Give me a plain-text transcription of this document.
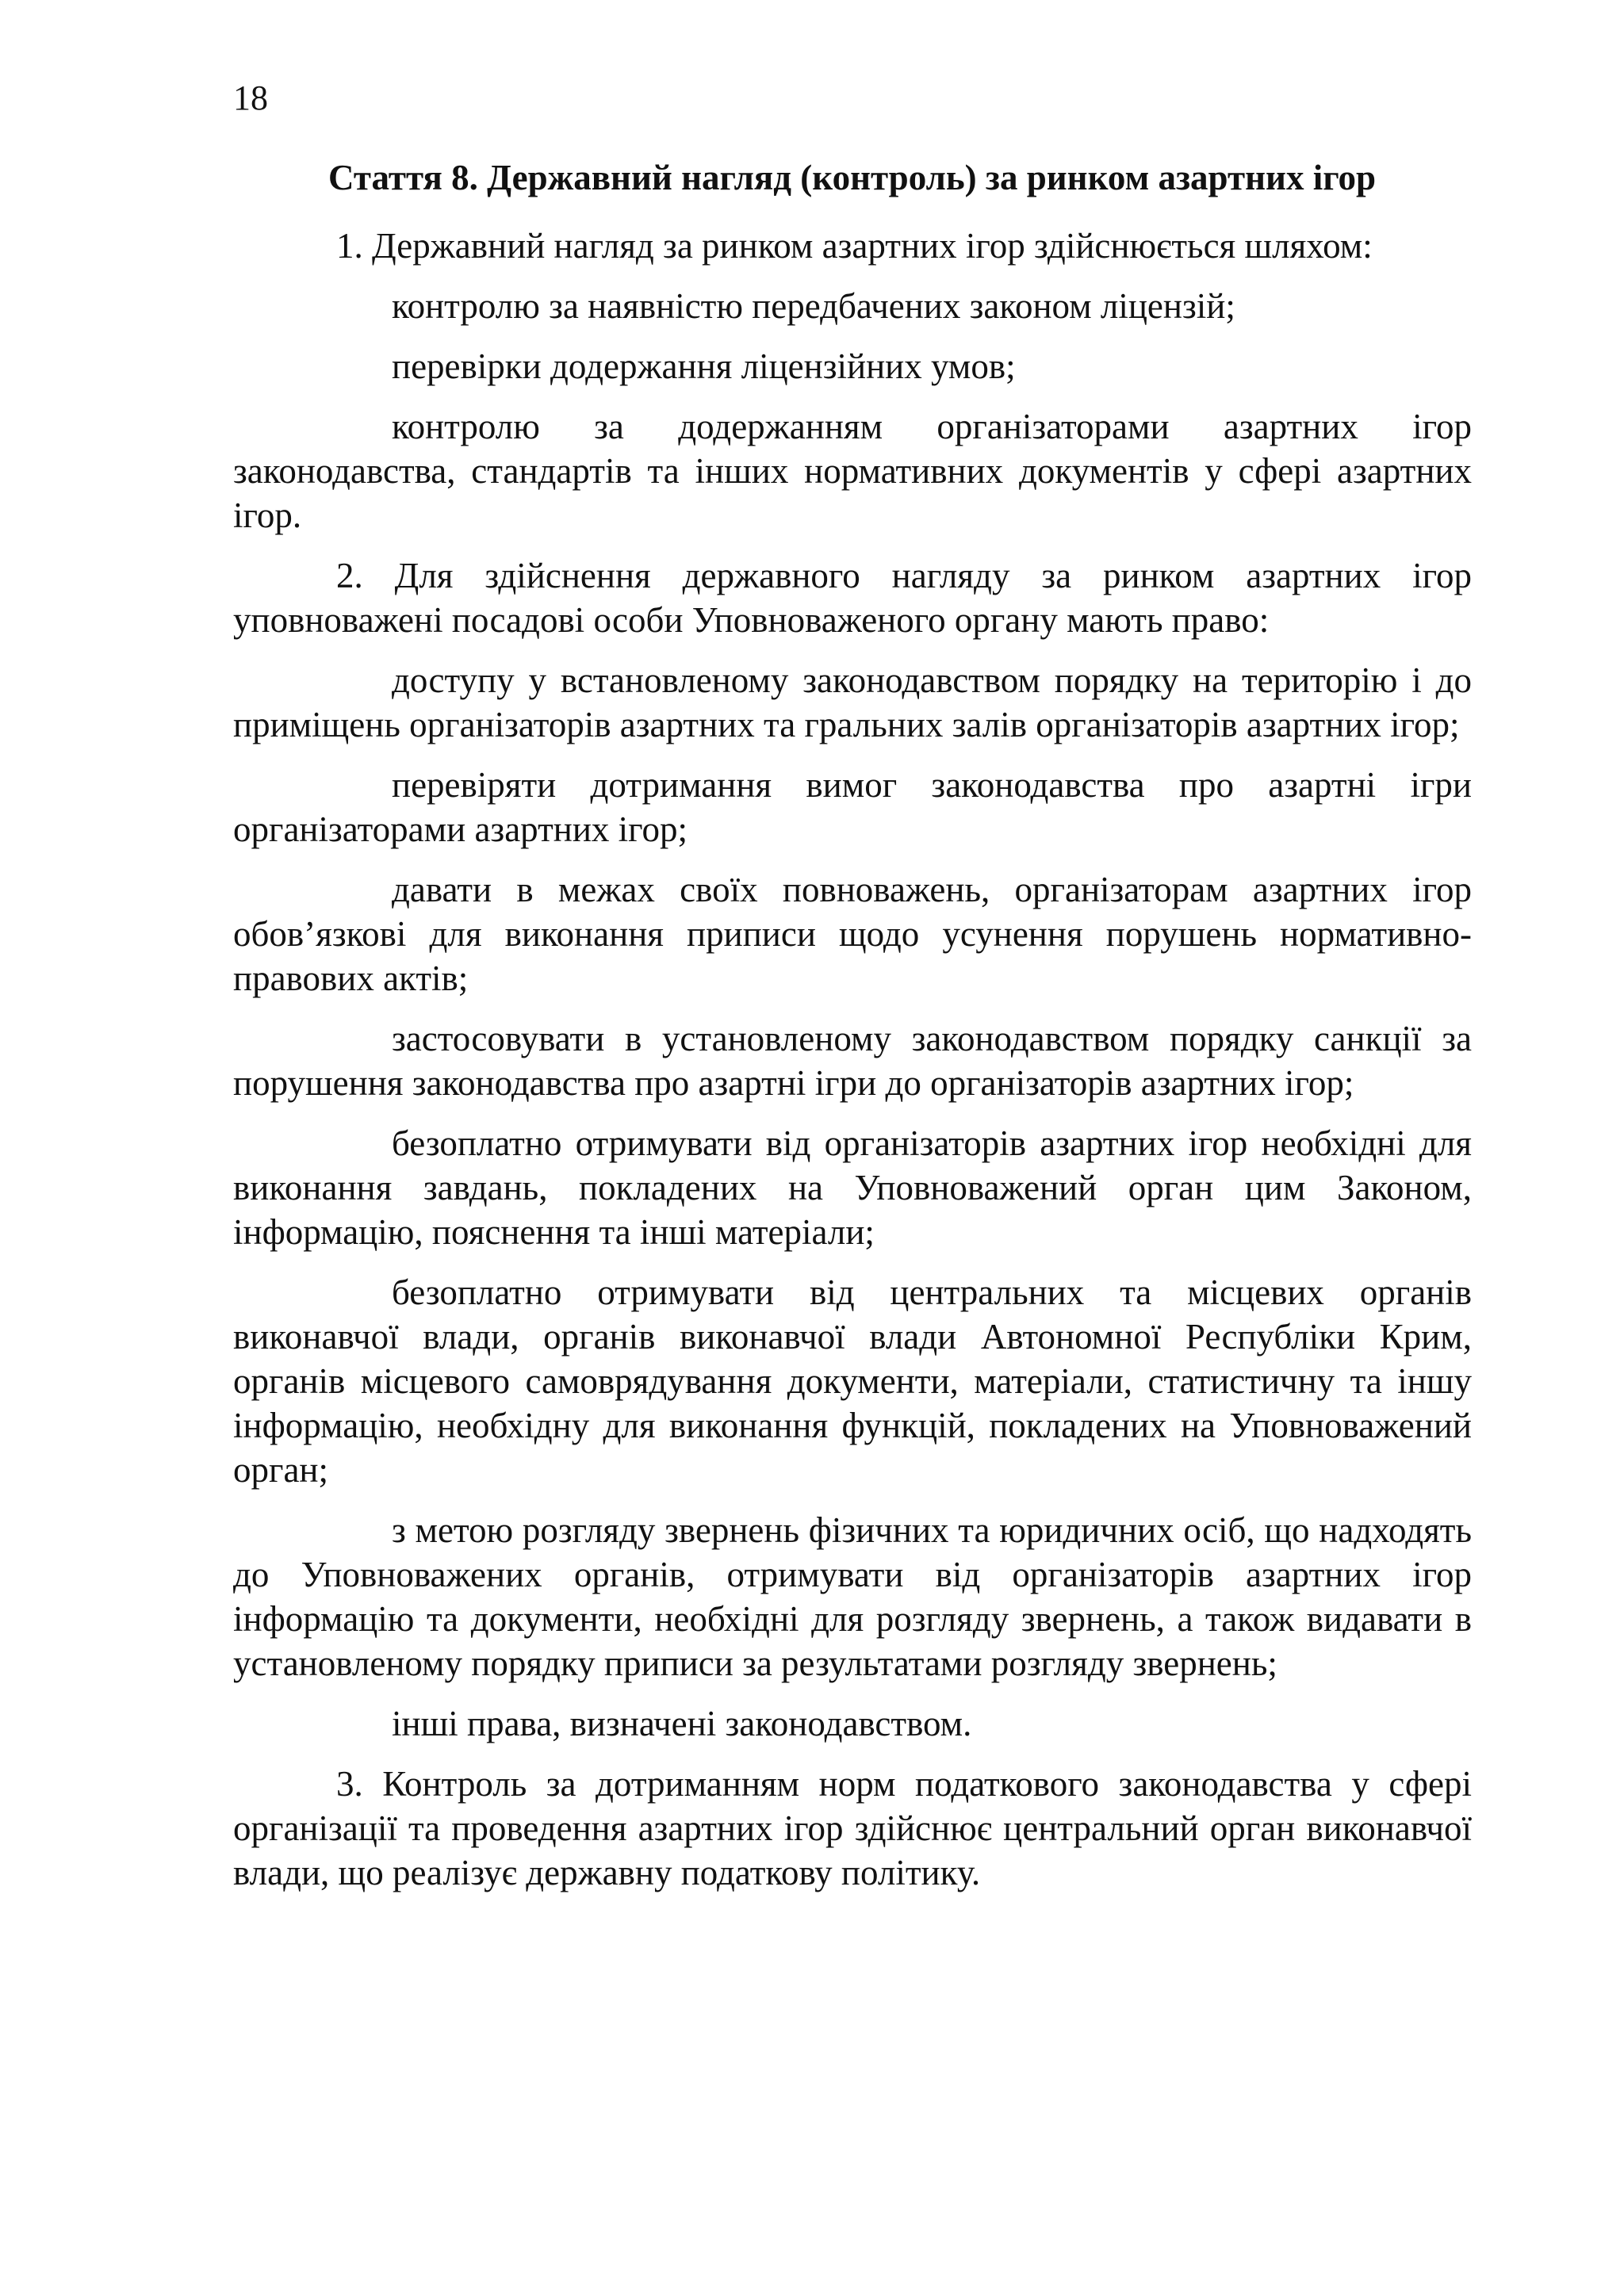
18

Стаття 8. Державний нагляд (контроль) за ринком азартних ігор

1. Державний нагляд за ринком азартних ігор здійснюється шляхом:

контролю за наявністю передбачених законом ліцензій;

перевірки додержання ліцензійних умов;

контролю за додержанням організаторами азартних ігор законодавства, стандартів та інших нормативних документів у сфері азартних ігор.

2. Для здійснення державного нагляду за ринком азартних ігор уповноважені посадові особи Уповноваженого органу мають право:

доступу у встановленому законодавством порядку на територію і до приміщень організаторів азартних та гральних залів організаторів азартних ігор;

перевіряти дотримання вимог законодавства про азартні ігри організаторами азартних ігор;

давати в межах своїх повноважень, організаторам азартних ігор обов’язкові для виконання приписи щодо усунення порушень нормативно-правових актів;

застосовувати в установленому законодавством порядку санкції за порушення законодавства про азартні ігри до організаторів азартних ігор;

безоплатно отримувати від організаторів азартних ігор необхідні для виконання завдань, покладених на Уповноважений орган цим Законом, інформацію, пояснення та інші матеріали;

безоплатно отримувати від центральних та місцевих органів виконавчої влади, органів виконавчої влади Автономної Республіки Крим, органів місцевого самоврядування документи, матеріали, статистичну та іншу інформацію, необхідну для виконання функцій, покладених на Уповноважений орган;

з метою розгляду звернень фізичних та юридичних осіб, що надходять до Уповноважених органів, отримувати від організаторів азартних ігор інформацію та документи, необхідні для розгляду звернень, а також видавати в установленому порядку приписи за результатами розгляду звернень;

інші права, визначені законодавством.

3. Контроль за дотриманням норм податкового законодавства у сфері організації та проведення азартних ігор здійснює центральний орган виконавчої влади, що реалізує державну податкову політику.
